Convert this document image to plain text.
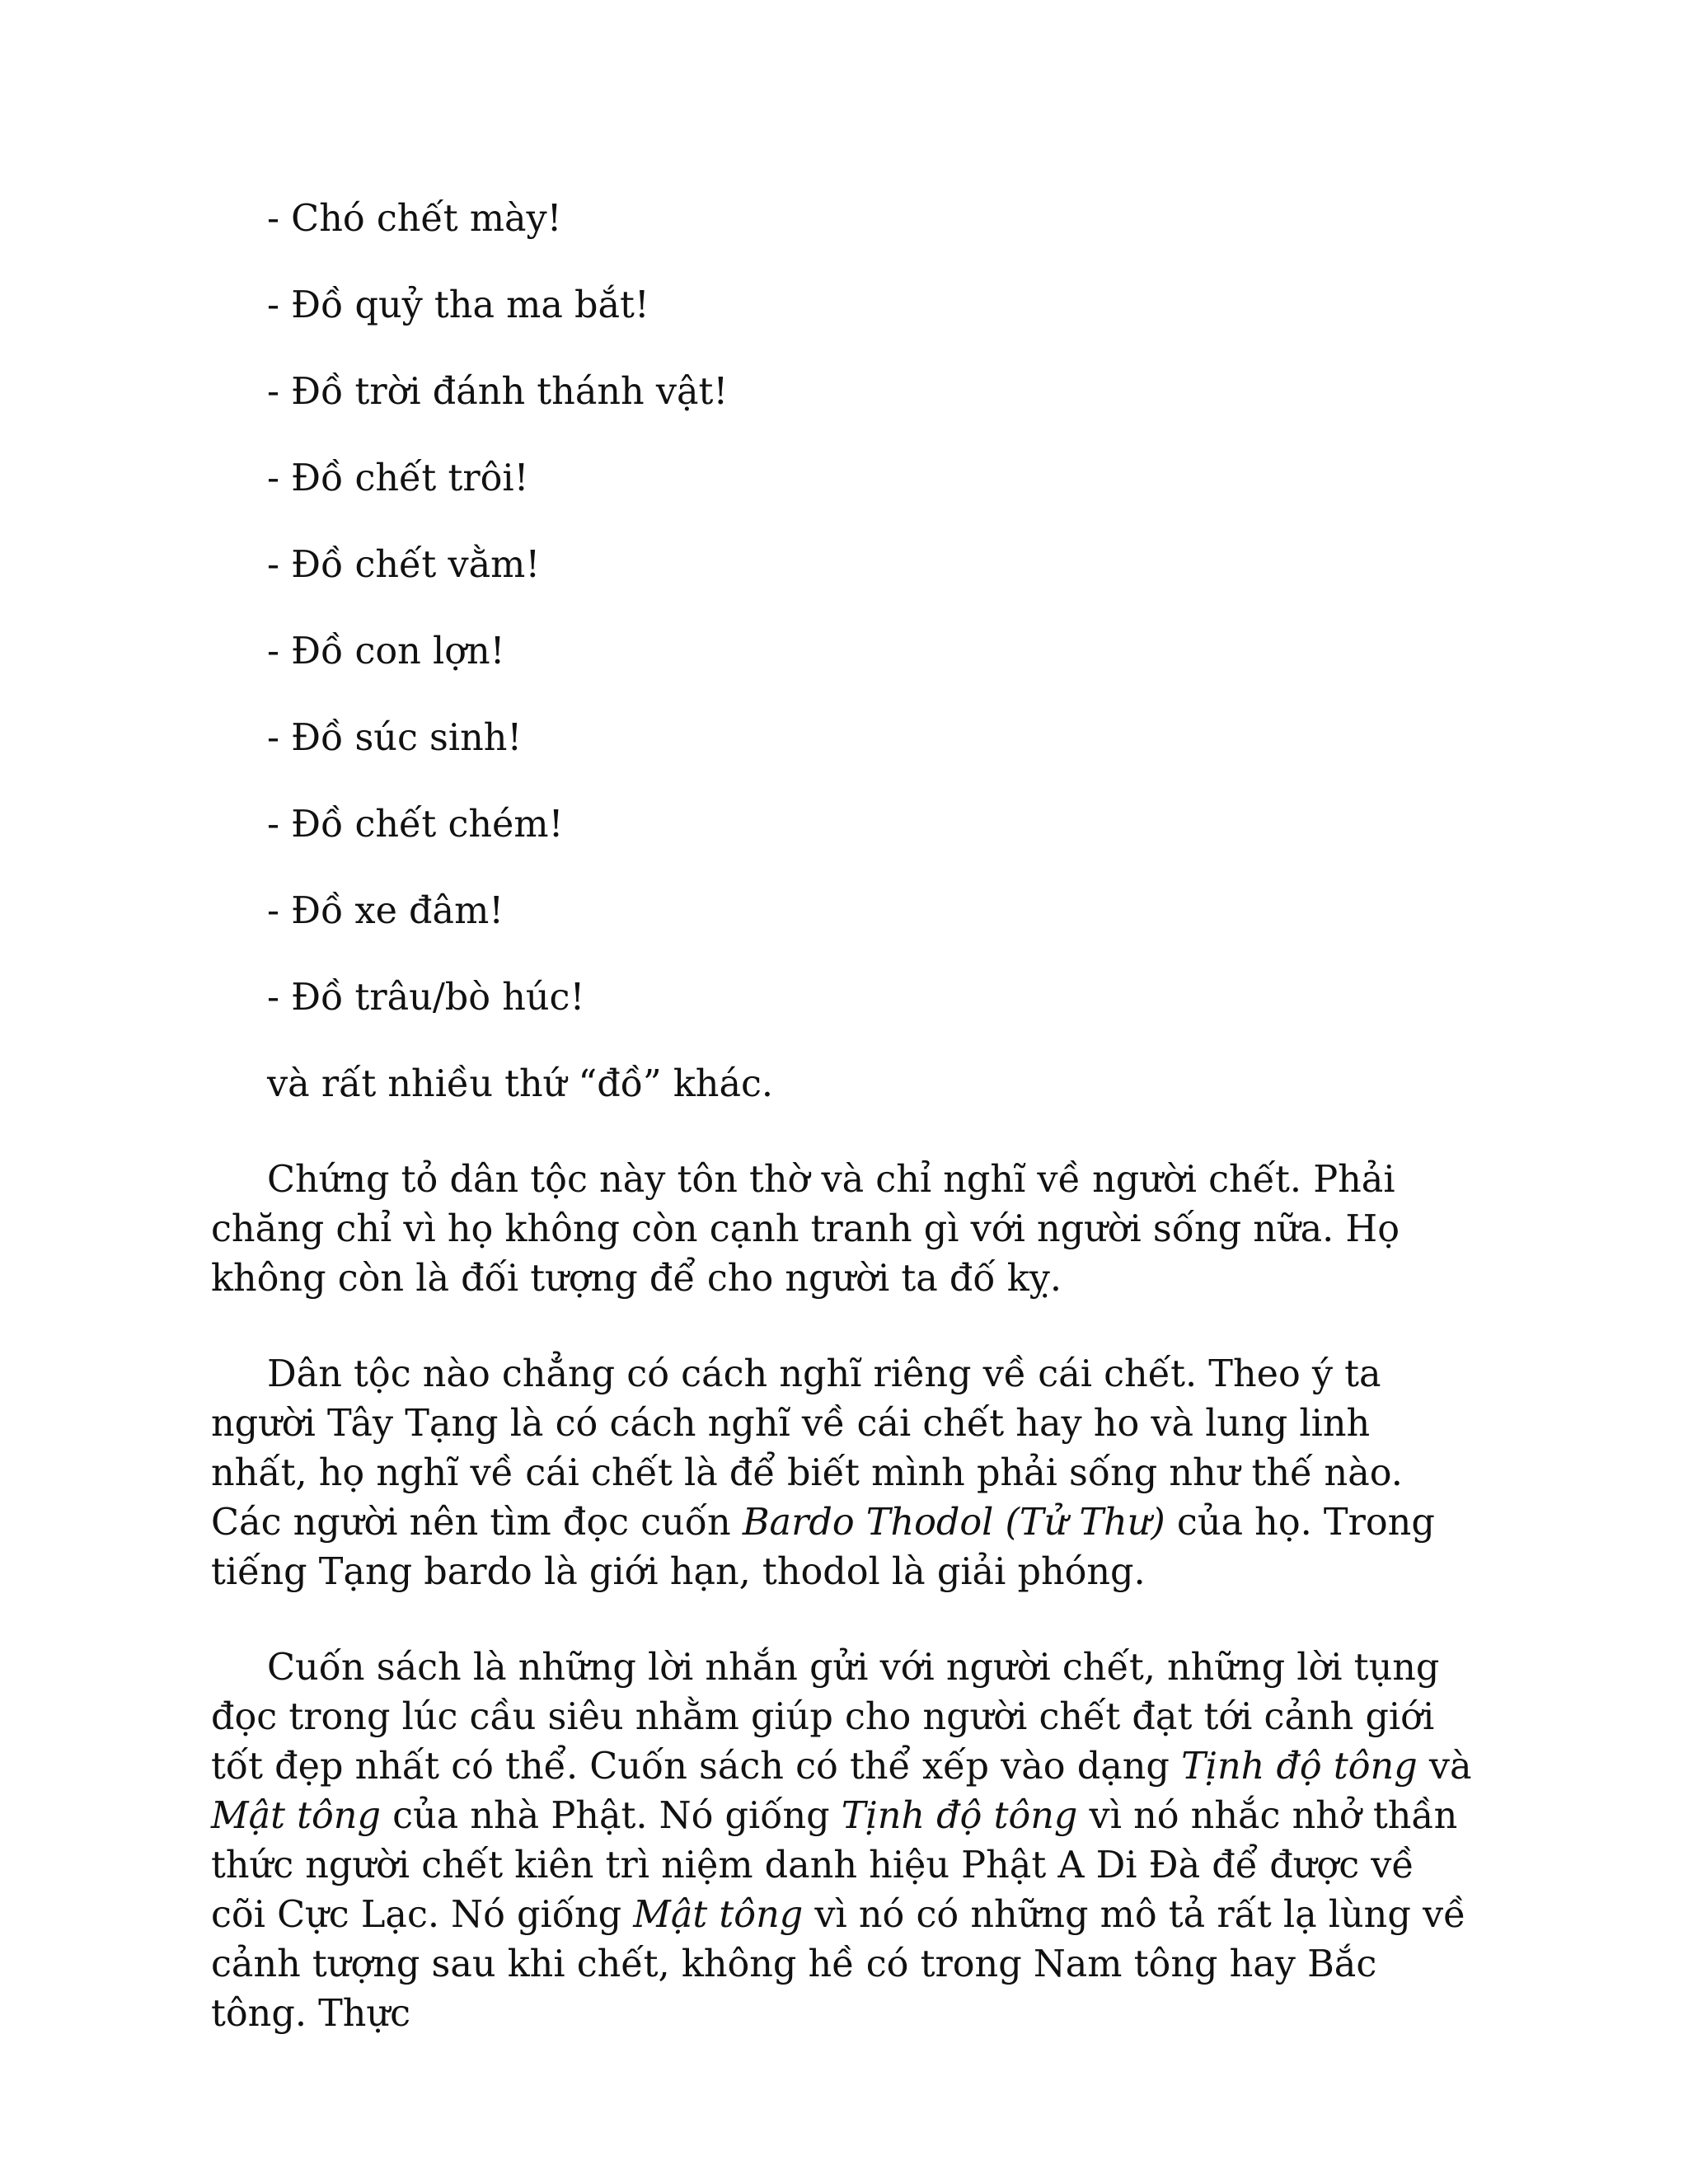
- Chó chết mày!
- Đồ quỷ tha ma bắt!
- Đồ trời đánh thánh vật!
- Đồ chết trôi!
- Đồ chết vằm!
- Đồ con lợn!
- Đồ súc sinh!
- Đồ chết chém!
- Đồ xe đâm!
- Đồ trâu/bò húc!

và rất nhiều thứ “đồ” khác.

Chứng tỏ dân tộc này tôn thờ và chỉ nghĩ về người chết. Phải chăng chỉ vì họ không còn cạnh tranh gì với người sống nữa. Họ không còn là đối tượng để cho người ta đố kỵ.

Dân tộc nào chẳng có cách nghĩ riêng về cái chết. Theo ý ta người Tây Tạng là có cách nghĩ về cái chết hay ho và lung linh nhất, họ nghĩ về cái chết là để biết mình phải sống như thế nào. Các người nên tìm đọc cuốn Bardo Thodol (Tử Thư) của họ. Trong tiếng Tạng bardo là giới hạn, thodol là giải phóng.

Cuốn sách là những lời nhắn gửi với người chết, những lời tụng đọc trong lúc cầu siêu nhằm giúp cho người chết đạt tới cảnh giới tốt đẹp nhất có thể. Cuốn sách có thể xếp vào dạng Tịnh độ tông và Mật tông của nhà Phật. Nó giống Tịnh độ tông vì nó nhắc nhở thần thức người chết kiên trì niệm danh hiệu Phật A Di Đà để được về cõi Cực Lạc. Nó giống Mật tông vì nó có những mô tả rất lạ lùng về cảnh tượng sau khi chết, không hề có trong Nam tông hay Bắc tông. Thực
